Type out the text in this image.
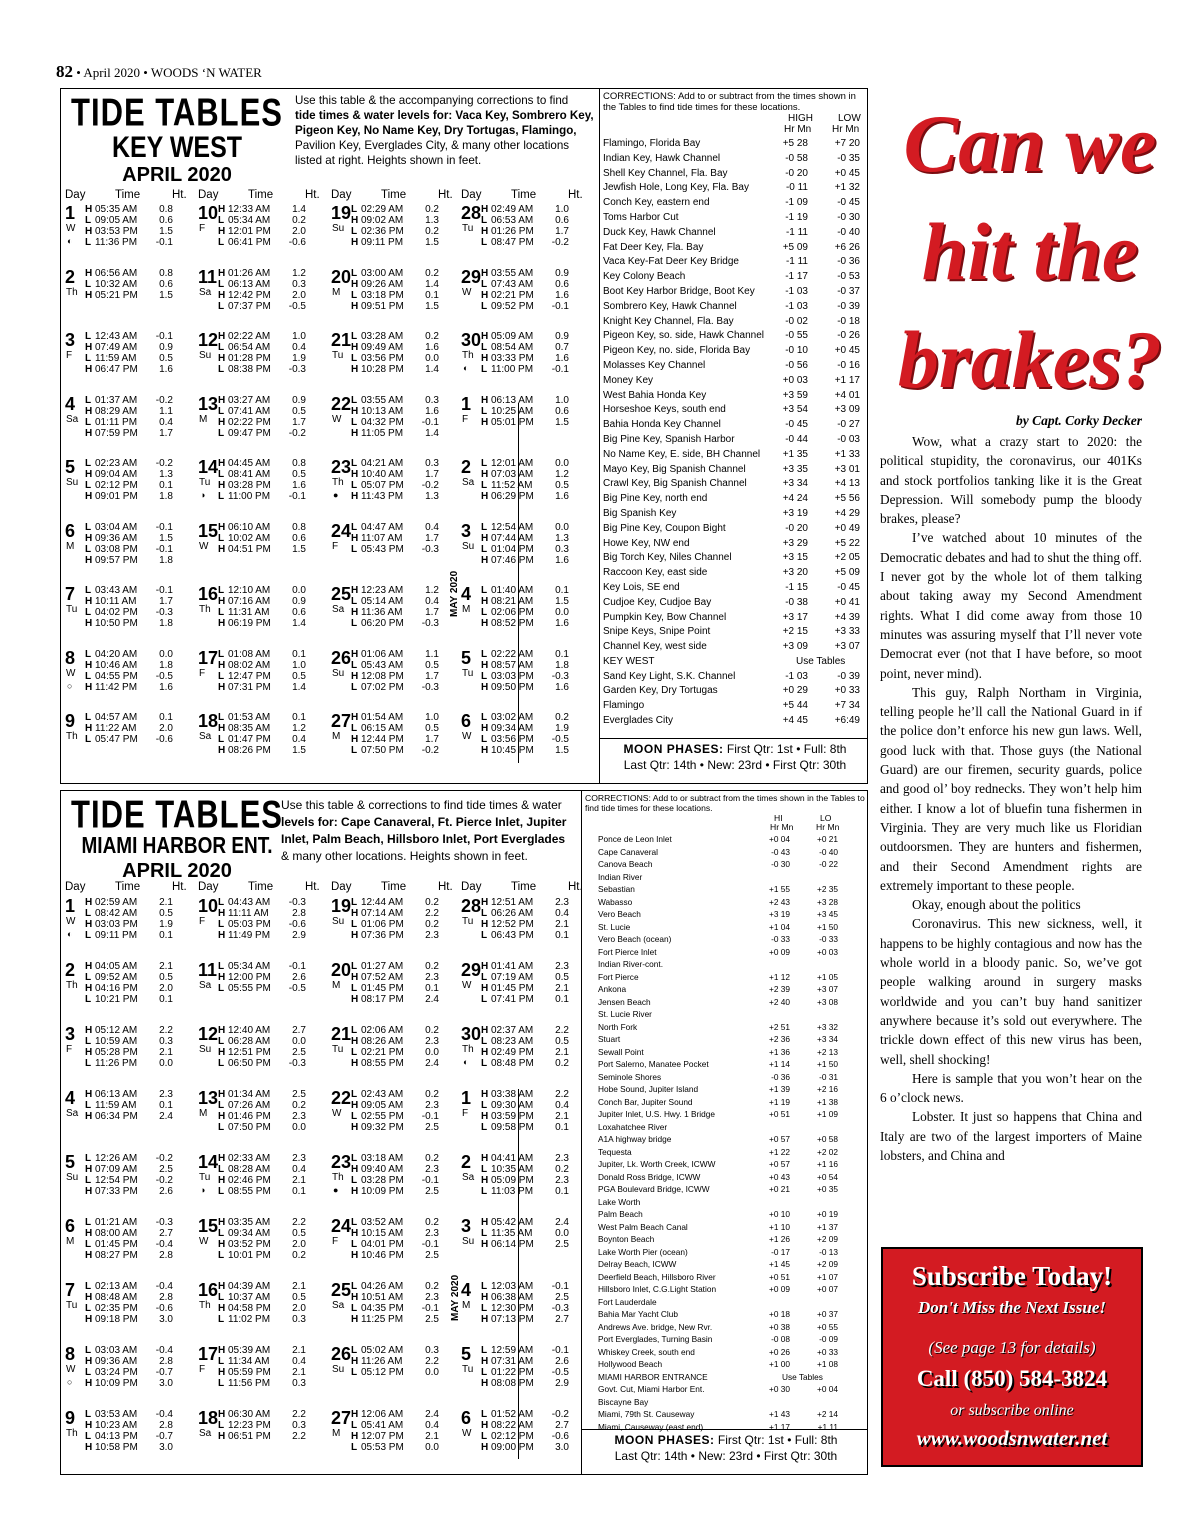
82 • April 2020 • WOODS ‘N WATER
TIDE TABLES
KEY WEST
APRIL 2020
Use this table & the accompanying corrections to find
tide times & water levels for: Vaca Key, Sombrero Key,
Pigeon Key, No Name Key, Dry Tortugas, Flamingo,
Pavilion Key, Everglades City, & many other locations
listed at right. Heights shown in feet.
Day	Time	Ht. Day	Time	Ht. Day	Time	Ht. Day	Time	Ht.
1
W
◐
H 05:35 AM 0.8
L 09:05 AM 0.6
H 03:53 PM 1.5
L 11:36 PM -0.1
2
Th
H 06:56 AM 0.8
L 10:32 AM 0.6
H 05:21 PM 1.5
3
F
L 12:43 AM -0.1
H 07:49 AM 0.9
L 11:59 AM 0.5
H 06:47 PM 1.6
4
Sa
L 01:37 AM -0.2
H 08:29 AM 1.1
L 01:11 PM 0.4
H 07:59 PM 1.7
5
Su
L 02:23 AM -0.2
H 09:04 AM 1.3
L 02:12 PM 0.1
H 09:01 PM 1.8
6
M
L 03:04 AM -0.1
H 09:36 AM 1.5
L 03:08 PM -0.1
H 09:57 PM 1.8
7
Tu
L 03:43 AM -0.1
H 10:11 AM 1.7
L 04:02 PM -0.3
H 10:50 PM 1.8
8
W
○
L 04:20 AM 0.0
H 10:46 AM 1.8
L 04:55 PM -0.5
H 11:42 PM 1.6
9
Th
L 04:57 AM 0.1
H 11:22 AM 2.0
L 05:47 PM -0.6
10
F
H 12:33 AM 1.4
L 05:34 AM 0.2
H 12:01 PM 2.0
L 06:41 PM -0.6
11
Sa
H 01:26 AM 1.2
L 06:13 AM 0.3
H 12:42 PM 2.0
L 07:37 PM -0.5
12
Su
H 02:22 AM 1.0
L 06:54 AM 0.4
H 01:28 PM 1.9
L 08:38 PM -0.3
13
M
H 03:27 AM 0.9
L 07:41 AM 0.5
H 02:22 PM 1.7
L 09:47 PM -0.2
14
Tu
◑
H 04:45 AM 0.8
L 08:41 AM 0.5
H 03:28 PM 1.6
L 11:00 PM -0.1
15
W
H 06:10 AM 0.8
L 10:02 AM 0.6
H 04:51 PM 1.5
16
Th
L 12:10 AM 0.0
H 07:16 AM 0.9
L 11:31 AM 0.6
H 06:19 PM 1.4
17
F
L 01:08 AM 0.1
H 08:02 AM 1.0
L 12:47 PM 0.5
H 07:31 PM 1.4
18
Sa
L 01:53 AM 0.1
H 08:35 AM 1.2
L 01:47 PM 0.4
H 08:26 PM 1.5
19
Su
L 02:29 AM 0.2
H 09:02 AM 1.3
L 02:36 PM 0.2
H 09:11 PM 1.5
20
M
L 03:00 AM 0.2
H 09:26 AM 1.4
L 03:18 PM 0.1
H 09:51 PM 1.5
21
Tu
L 03:28 AM 0.2
H 09:49 AM 1.6
L 03:56 PM 0.0
H 10:28 PM 1.4
22
W
L 03:55 AM 0.3
H 10:13 AM 1.6
L 04:32 PM -0.1
H 11:05 PM 1.4
23
Th
●
L 04:21 AM 0.3
H 10:40 AM 1.7
L 05:07 PM -0.2
H 11:43 PM 1.3
24
F
L 04:47 AM 0.4
H 11:07 AM 1.7
L 05:43 PM -0.3
25
Sa
H 12:23 AM 1.2
L 05:14 AM 0.4
H 11:36 AM 1.7
L 06:20 PM -0.3
26
Su
H 01:06 AM 1.1
L 05:43 AM 0.5
H 12:08 PM 1.7
L 07:02 PM -0.3
27
M
H 01:54 AM 1.0
L 06:15 AM 0.5
H 12:44 PM 1.7
L 07:50 PM -0.2
28
Tu
H 02:49 AM 1.0
L 06:53 AM 0.6
H 01:26 PM 1.7
L 08:47 PM -0.2
29
W
H 03:55 AM 0.9
L 07:43 AM 0.6
H 02:21 PM 1.6
L 09:52 PM -0.1
30
Th
◐
H 05:09 AM 0.9
L 08:54 AM 0.7
H 03:33 PM 1.6
L 11:00 PM -0.1
1
F
H 06:13 AM 1.0
L 10:25 AM 0.6
H 05:01 PM 1.5
2
Sa
L 12:01 AM 0.0
H 07:03 AM 1.2
L 11:52 AM 0.5
H 06:29 PM 1.6
3
Su
L 12:54 AM 0.0
H 07:44 AM 1.3
L 01:04 PM 0.3
H 07:46 PM 1.6
4
M
L 01:40 AM 0.1
H 08:21 AM 1.5
L 02:06 PM 0.0
H 08:52 PM 1.6
5
Tu
L 02:22 AM 0.1
H 08:57 AM 1.8
L 03:03 PM -0.3
H 09:50 PM 1.6
6
W
L 03:02 AM 0.2
H 09:34 AM 1.9
L 03:56 PM -0.5
H 10:45 PM 1.5
MAY 2020
CORRECTIONS: Add to or subtract from the times shown in the Tables to find tide times for these locations.
HIGH	LOW
Hr Mn Hr Mn
Flamingo, Florida Bay	+5 28	+7 20
Indian Key, Hawk Channel	-0 58	-0 35
Shell Key Channel, Fla. Bay	-0 20	+0 45
Jewfish Hole, Long Key, Fla. Bay	-0 11	+1 32
Conch Key, eastern end	-1 09	-0 45
Toms Harbor Cut	-1 19	-0 30
Duck Key, Hawk Channel	-1 11	-0 40
Fat Deer Key, Fla. Bay	+5 09	+6 26
Vaca Key-Fat Deer Key Bridge	-1 11	-0 36
Key Colony Beach	-1 17	-0 53
Boot Key Harbor Bridge, Boot Key	-1 03	-0 37
Sombrero Key, Hawk Channel	-1 03	-0 39
Knight Key Channel, Fla. Bay	-0 02	-0 18
Pigeon Key, so. side, Hawk Channel	-0 55	-0 26
Pigeon Key, no. side, Florida Bay	-0 10	+0 45
Molasses Key Channel	-0 56	-0 16
Money Key	+0 03	+1 17
West Bahia Honda Key	+3 59	+4 01
Horseshoe Keys, south end	+3 54	+3 09
Bahia Honda Key Channel	-0 45	-0 27
Big Pine Key, Spanish Harbor	-0 44	-0 03
No Name Key, E. side, BH Channel	+1 35	+1 33
Mayo Key, Big Spanish Channel	+3 35	+3 01
Crawl Key, Big Spanish Channel	+3 34	+4 13
Big Pine Key, north end	+4 24	+5 56
Big Spanish Key	+3 19	+4 29
Big Pine Key, Coupon Bight	-0 20	+0 49
Howe Key, NW end	+3 29	+5 22
Big Torch Key, Niles Channel	+3 15	+2 05
Raccoon Key, east side	+3 20	+5 09
Key Lois, SE end	-1 15	-0 45
Cudjoe Key, Cudjoe Bay	-0 38	+0 41
Pumpkin Key, Bow Channel	+3 17	+4 39
Snipe Keys, Snipe Point	+2 15	+3 33
Channel Key, west side	+3 09	+3 07
KEY WEST	Use Tables
Sand Key Light, S.K. Channel	-1 03	-0 39
Garden Key, Dry Tortugas	+0 29	+0 33
Flamingo	+5 44	+7 34
Everglades City	+4 45	+6:49
MOON PHASES: First Qtr: 1st • Full: 8th
Last Qtr: 14th • New: 23rd • First Qtr: 30th
TIDE TABLES
MIAMI HARBOR ENT.
APRIL 2020
Use this table & corrections to find tide times & water
levels for: Cape Canaveral, Ft. Pierce Inlet, Jupiter
Inlet, Palm Beach, Hillsboro Inlet, Port Everglades
& many other locations. Heights shown in feet.
Day	Time	Ht. Day	Time	Ht. Day	Time	Ht. Day	Time	Ht.
1
W
◐
H 02:59 AM 2.1
L 08:42 AM 0.5
H 03:03 PM 1.9
L 09:11 PM 0.1
2
Th
H 04:05 AM 2.1
L 09:52 AM 0.5
H 04:16 PM 2.0
L 10:21 PM 0.1
3
F
H 05:12 AM 2.2
L 10:59 AM 0.3
H 05:28 PM 2.1
L 11:26 PM 0.0
4
Sa
H 06:13 AM 2.3
L 11:59 AM 0.1
H 06:34 PM 2.4
5
Su
L 12:26 AM -0.2
H 07:09 AM 2.5
L 12:54 PM -0.2
H 07:33 PM 2.6
6
M
L 01:21 AM -0.3
H 08:00 AM 2.7
L 01:45 PM -0.4
H 08:27 PM 2.8
7
Tu
L 02:13 AM -0.4
H 08:48 AM 2.8
L 02:35 PM -0.6
H 09:18 PM 3.0
8
W
○
L 03:03 AM -0.4
H 09:36 AM 2.8
L 03:24 PM -0.7
H 10:09 PM 3.0
9
Th
L 03:53 AM -0.4
H 10:23 AM 2.8
L 04:13 PM -0.7
H 10:58 PM 3.0
10
F
L 04:43 AM -0.3
H 11:11 AM 2.8
L 05:03 PM -0.6
H 11:49 PM 2.9
11
Sa
L 05:34 AM -0.1
H 12:00 PM 2.6
L 05:55 PM -0.5
12
Su
H 12:40 AM 2.7
L 06:28 AM 0.0
H 12:51 PM 2.5
L 06:50 PM -0.3
13
M
H 01:34 AM 2.5
L 07:26 AM 0.2
H 01:46 PM 2.3
L 07:50 PM 0.0
14
Tu
◑
H 02:33 AM 2.3
L 08:28 AM 0.4
H 02:46 PM 2.1
L 08:55 PM 0.1
15
W
H 03:35 AM 2.2
L 09:34 AM 0.5
H 03:52 PM 2.0
L 10:01 PM 0.2
16
Th
H 04:39 AM 2.1
L 10:37 AM 0.5
H 04:58 PM 2.0
L 11:02 PM 0.3
17
F
H 05:39 AM 2.1
L 11:34 AM 0.4
H 05:59 PM 2.1
L 11:56 PM 0.3
18
Sa
H 06:30 AM 2.2
L 12:23 PM 0.3
H 06:51 PM 2.2
19
Su
L 12:44 AM 0.2
H 07:14 AM 2.2
L 01:06 PM 0.2
H 07:36 PM 2.3
20
M
L 01:27 AM 0.2
H 07:52 AM 2.3
L 01:45 PM 0.1
H 08:17 PM 2.4
21
Tu
L 02:06 AM 0.2
H 08:26 AM 2.3
L 02:21 PM 0.0
H 08:55 PM 2.4
22
W
L 02:43 AM 0.2
H 09:05 AM 2.3
L 02:55 PM -0.1
H 09:32 PM 2.5
23
Th
●
L 03:18 AM 0.2
H 09:40 AM 2.3
L 03:28 PM -0.1
H 10:09 PM 2.5
24
F
L 03:52 AM 0.2
H 10:15 AM 2.3
L 04:01 PM -0.1
H 10:46 PM 2.5
25
Sa
L 04:26 AM 0.2
H 10:51 AM 2.3
L 04:35 PM -0.1
H 11:25 PM 2.5
26
Su
L 05:02 AM 0.3
H 11:26 AM 2.2
L 05:12 PM 0.0
27
M
H 12:06 AM 2.4
L 05:41 AM 0.4
H 12:07 PM 2.1
L 05:53 PM 0.0
28
Tu
H 12:51 AM 2.3
L 06:26 AM 0.4
H 12:52 PM 2.1
L 06:43 PM 0.1
29
W
H 01:41 AM 2.3
L 07:19 AM 0.5
H 01:45 PM 2.1
L 07:41 PM 0.1
30
Th
◐
H 02:37 AM 2.2
L 08:23 AM 0.5
H 02:49 PM 2.1
L 08:48 PM 0.2
1
F
H 03:38 AM 2.2
L 09:30 AM 0.4
H 03:59 PM 2.1
L 09:58 PM 0.1
2
Sa
H 04:41 AM 2.3
L 10:35 AM 0.2
H 05:09 PM 2.3
L 11:03 PM 0.1
3
Su
H 05:42 AM 2.4
L 11:35 AM 0.0
H 06:14 PM 2.5
4
M
L 12:03 AM -0.1
H 06:38 AM 2.5
L 12:30 PM -0.3
H 07:13 PM 2.7
5
Tu
L 12:59 AM -0.1
H 07:31 AM 2.6
L 01:22 PM -0.5
H 08:08 PM 2.9
6
W
L 01:52 AM -0.2
H 08:22 AM 2.7
L 02:12 PM -0.6
H 09:00 PM 3.0
MAY 2020
CORRECTIONS: Add to or subtract from the times shown in the Tables to find tide times for these locations.
HI	LO
Hr Mn	Hr Mn
Ponce de Leon Inlet	+0 04	+0 21
Cape Canaveral	-0 43	-0 40
Canova Beach	-0 30	-0 22
Indian River
Sebastian	+1 55	+2 35
Wabasso	+2 43	+3 28
Vero Beach	+3 19	+3 45
St. Lucie	+1 04	+1 50
Vero Beach (ocean)	-0 33	-0 33
Fort Pierce Inlet	+0 09	+0 03
Indian River-cont.
Fort Pierce	+1 12	+1 05
Ankona	+2 39	+3 07
Jensen Beach	+2 40	+3 08
St. Lucie River
North Fork	+2 51	+3 32
Stuart	+2 36	+3 34
Sewall Point	+1 36	+2 13
Port Salerno, Manatee Pocket	+1 14	+1 50
Seminole Shores	-0 36	-0 31
Hobe Sound, Jupiter Island	+1 39	+2 16
Conch Bar, Jupiter Sound	+1 19	+1 38
Jupiter Inlet, U.S. Hwy. 1 Bridge	+0 51	+1 09
Loxahatchee River
A1A highway bridge	+0 57	+0 58
Tequesta	+1 22	+2 02
Jupiter, Lk. Worth Creek, ICWW	+0 57	+1 16
Donald Ross Bridge, ICWW	+0 43	+0 54
PGA Boulevard Bridge, ICWW	+0 21	+0 35
Lake Worth
Palm Beach	+0 10	+0 19
West Palm Beach Canal	+1 10	+1 37
Boynton Beach	+1 26	+2 09
Lake Worth Pier (ocean)	-0 17	-0 13
Delray Beach, ICWW	+1 45	+2 09
Deerfield Beach, Hillsboro River	+0 51	+1 07
Hillsboro Inlet, C.G.Light Station	+0 09	+0 07
Fort Lauderdale
Bahia Mar Yacht Club	+0 18	+0 37
Andrews Ave. bridge, New Rvr.	+0 38	+0 55
Port Everglades, Turning Basin	-0 08	-0 09
Whiskey Creek, south end	+0 26	+0 33
Hollywood Beach	+1 00	+1 08
MIAMI HARBOR ENTRANCE	Use Tables
Govt. Cut, Miami Harbor Ent.	+0 30	+0 04
Biscayne Bay
Miami, 79th St. Causeway	+1 43	+2 14
Miami, Causeway (east end)	+1 17	+1 11
MOON PHASES: First Qtr: 1st • Full: 8th
Last Qtr: 14th • New: 23rd • First Qtr: 30th
Can we
hit the
brakes?
by Capt. Corky Decker

Wow, what a crazy start to 2020: the political stupidity, the coronavirus, our 401Ks and stock portfolios tanking like it is the Great Depression. Will somebody pump the bloody brakes, please?

I’ve watched about 10 minutes of the Democratic debates and had to shut the thing off. I never got by the whole lot of them talking about taking away my Second Amendment rights. What I did come away from those 10 minutes was assuring myself that I’ll never vote Democrat ever (not that I have before, so moot point, never mind).

This guy, Ralph Northam in Virginia, telling people he’ll call the National Guard in if the police don’t enforce his new gun laws. Well, good luck with that. Those guys (the National Guard) are our firemen, security guards, police and good ol’ boy rednecks. They won’t help him either. I know a lot of bluefin tuna fishermen in Virginia. They are very much like us Floridian outdoorsmen. They are hunters and fishermen, and their Second Amendment rights are extremely important to these people.

Okay, enough about the politics

Coronavirus. This new sickness, well, it happens to be highly contagious and now has the whole world in a bloody panic. So, we’ve got people walking around in surgery masks worldwide and you can’t buy hand sanitizer anywhere because it’s sold out everywhere. The trickle down effect of this new virus has been, well, shell shocking!

Here is sample that you won’t hear on the 6 o’clock news.

Lobster. It just so happens that China and Italy are two of the largest importers of Maine lobsters, and China and

Subscribe Today!
Don't Miss the Next Issue!
(See page 13 for details)
Call (850) 584-3824
or subscribe online
www.woodsnwater.net
